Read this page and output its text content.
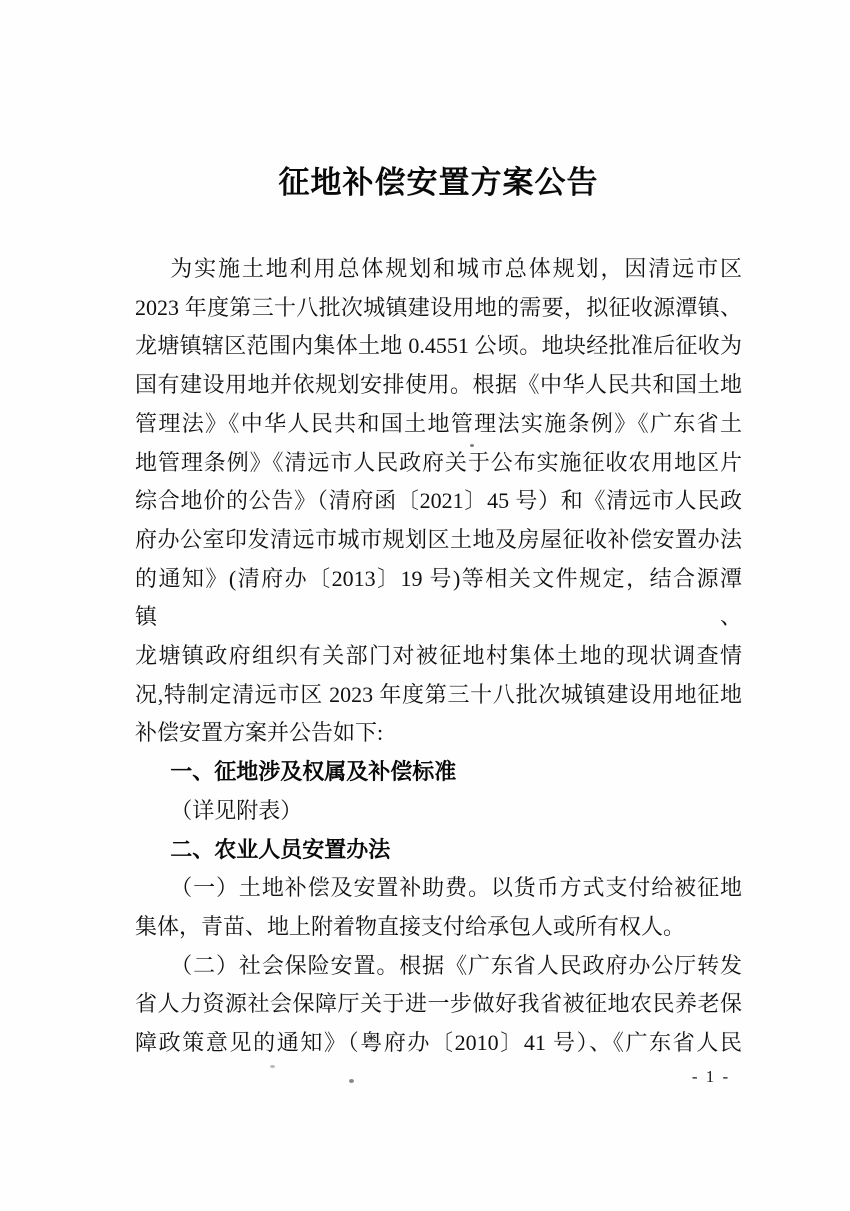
征地补偿安置方案公告
为实施土地利用总体规划和城市总体规划，因清远市区
2023 年度第三十八批次城镇建设用地的需要，拟征收源潭镇、
龙塘镇辖区范围内集体土地 0.4551 公顷。地块经批准后征收为
国有建设用地并依规划安排使用。根据《中华人民共和国土地
管理法》《中华人民共和国土地管理法实施条例》《广东省土
地管理条例》《清远市人民政府关于公布实施征收农用地区片
综合地价的公告》（清府函〔2021〕45 号）和《清远市人民政
府办公室印发清远市城市规划区土地及房屋征收补偿安置办法
的通知》(清府办〔2013〕19 号)等相关文件规定，结合源潭镇、
龙塘镇政府组织有关部门对被征地村集体土地的现状调查情
况,特制定清远市区 2023 年度第三十八批次城镇建设用地征地
补偿安置方案并公告如下:
一、征地涉及权属及补偿标准
（详见附表）
二、农业人员安置办法
（一）土地补偿及安置补助费。以货币方式支付给被征地
集体，青苗、地上附着物直接支付给承包人或所有权人。
（二）社会保险安置。根据《广东省人民政府办公厅转发
省人力资源社会保障厅关于进一步做好我省被征地农民养老保
障政策意见的通知》（粤府办〔2010〕41 号）、《广东省人民
- 1 -
